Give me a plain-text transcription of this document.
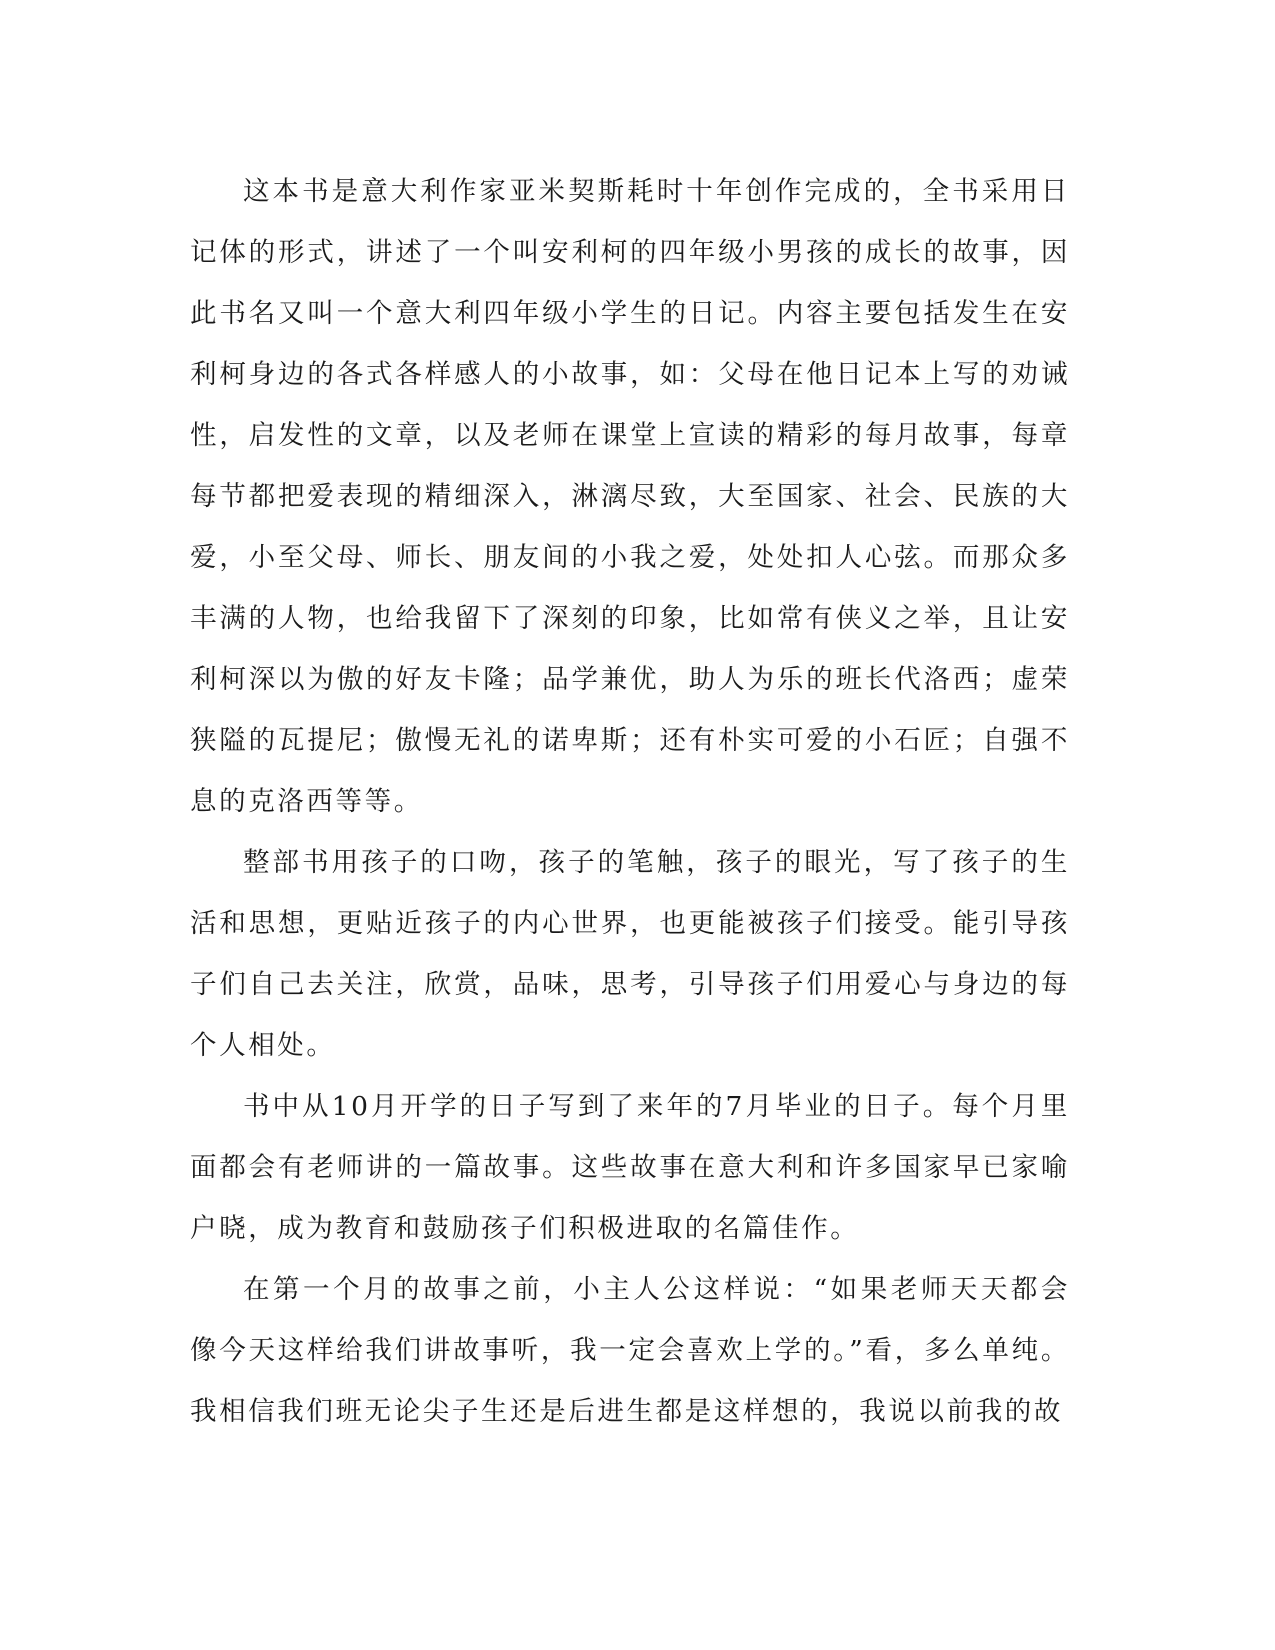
这本书是意大利作家亚米契斯耗时十年创作完成的，全书采用日记体的形式，讲述了一个叫安利柯的四年级小男孩的成长的故事，因此书名又叫一个意大利四年级小学生的日记。内容主要包括发生在安利柯身边的各式各样感人的小故事，如：父母在他日记本上写的劝诫性，启发性的文章，以及老师在课堂上宣读的精彩的每月故事，每章每节都把爱表现的精细深入，淋漓尽致，大至国家、社会、民族的大爱，小至父母、师长、朋友间的小我之爱，处处扣人心弦。而那众多丰满的人物，也给我留下了深刻的印象，比如常有侠义之举，且让安利柯深以为傲的好友卡隆；品学兼优，助人为乐的班长代洛西；虚荣狭隘的瓦提尼；傲慢无礼的诺卑斯；还有朴实可爱的小石匠；自强不息的克洛西等等。

整部书用孩子的口吻，孩子的笔触，孩子的眼光，写了孩子的生活和思想，更贴近孩子的内心世界，也更能被孩子们接受。能引导孩子们自己去关注，欣赏，品味，思考，引导孩子们用爱心与身边的每个人相处。

书中从10月开学的日子写到了来年的7月毕业的日子。每个月里面都会有老师讲的一篇故事。这些故事在意大利和许多国家早已家喻户晓，成为教育和鼓励孩子们积极进取的名篇佳作。

在第一个月的故事之前，小主人公这样说：“如果老师天天都会像今天这样给我们讲故事听，我一定会喜欢上学的。”看，多么单纯。我相信我们班无论尖子生还是后进生都是这样想的，我说以前我的故
